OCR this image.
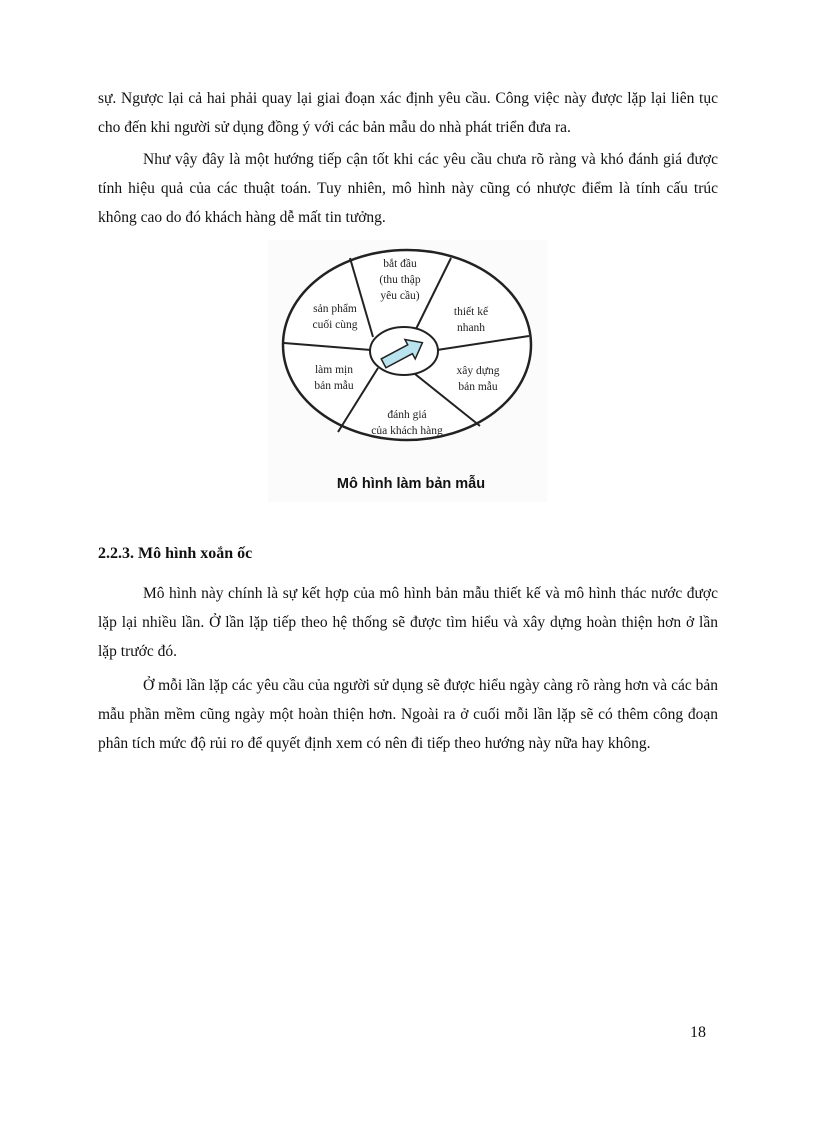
sự. Ngược lại cả hai phải quay lại giai đoạn xác định yêu cầu. Công việc này được lặp lại liên tục cho đến khi người sử dụng đồng ý với các bản mẫu do nhà phát triển đưa ra.

Như vậy đây là một hướng tiếp cận tốt khi các yêu cầu chưa rõ ràng và khó đánh giá được tính hiệu quả của các thuật toán. Tuy nhiên, mô hình này cũng có nhược điểm là tính cấu trúc không cao do đó khách hàng dễ mất tin tưởng.

bắt đầu
(thu thập
yêu cầu)
thiết kế
nhanh
xây dựng
bản mẫu
đánh giá
của khách hàng
làm mịn
bản mẫu
sản phẩm
cuối cùng
Mô hình làm bản mẫu
2.2.3. Mô hình xoắn ốc

Mô hình này chính là sự kết hợp của mô hình bản mẫu thiết kế và mô hình thác nước được lặp lại nhiều lần. Ở lần lặp tiếp theo hệ thống sẽ được tìm hiểu và xây dựng hoàn thiện hơn ở lần lặp trước đó.

Ở mỗi lần lặp các yêu cầu của người sử dụng sẽ được hiểu ngày càng rõ ràng hơn và các bản mẫu phần mềm cũng ngày một hoàn thiện hơn. Ngoài ra ở cuối mỗi lần lặp sẽ có thêm công đoạn phân tích mức độ rủi ro để quyết định xem có nên đi tiếp theo hướng này nữa hay không.

18
